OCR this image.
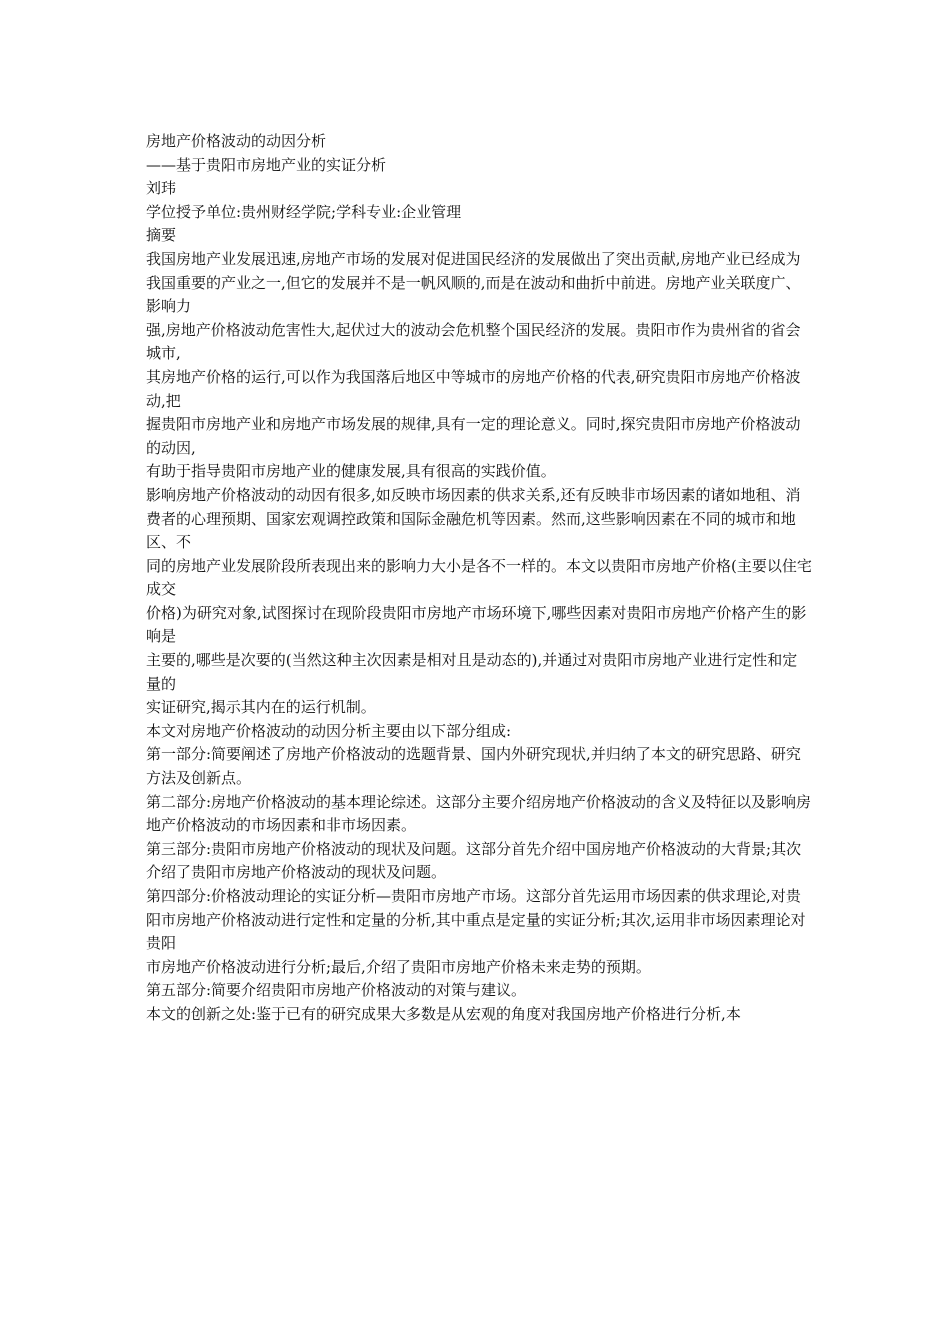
房地产价格波动的动因分析
——基于贵阳市房地产业的实证分析
刘玮
学位授予单位:贵州财经学院;学科专业:企业管理
摘要
我国房地产业发展迅速,房地产市场的发展对促进国民经济的发展做出了突出贡献,房地产业已经成为
我国重要的产业之一,但它的发展并不是一帆风顺的,而是在波动和曲折中前进。房地产业关联度广、影响力
强,房地产价格波动危害性大,起伏过大的波动会危机整个国民经济的发展。贵阳市作为贵州省的省会城市,
其房地产价格的运行,可以作为我国落后地区中等城市的房地产价格的代表,研究贵阳市房地产价格波动,把
握贵阳市房地产业和房地产市场发展的规律,具有一定的理论意义。同时,探究贵阳市房地产价格波动的动因,
有助于指导贵阳市房地产业的健康发展,具有很高的实践价值。
影响房地产价格波动的动因有很多,如反映市场因素的供求关系,还有反映非市场因素的诸如地租、消
费者的心理预期、国家宏观调控政策和国际金融危机等因素。然而,这些影响因素在不同的城市和地区、不
同的房地产业发展阶段所表现出来的影响力大小是各不一样的。本文以贵阳市房地产价格(主要以住宅成交
价格)为研究对象,试图探讨在现阶段贵阳市房地产市场环境下,哪些因素对贵阳市房地产价格产生的影响是
主要的,哪些是次要的(当然这种主次因素是相对且是动态的),并通过对贵阳市房地产业进行定性和定量的
实证研究,揭示其内在的运行机制。
本文对房地产价格波动的动因分析主要由以下部分组成:
第一部分:简要阐述了房地产价格波动的选题背景、国内外研究现状,并归纳了本文的研究思路、研究
方法及创新点。
第二部分:房地产价格波动的基本理论综述。这部分主要介绍房地产价格波动的含义及特征以及影响房
地产价格波动的市场因素和非市场因素。
第三部分:贵阳市房地产价格波动的现状及问题。这部分首先介绍中国房地产价格波动的大背景;其次
介绍了贵阳市房地产价格波动的现状及问题。
第四部分:价格波动理论的实证分析—贵阳市房地产市场。这部分首先运用市场因素的供求理论,对贵
阳市房地产价格波动进行定性和定量的分析,其中重点是定量的实证分析;其次,运用非市场因素理论对贵阳
市房地产价格波动进行分析;最后,介绍了贵阳市房地产价格未来走势的预期。
第五部分:简要介绍贵阳市房地产价格波动的对策与建议。
本文的创新之处:鉴于已有的研究成果大多数是从宏观的角度对我国房地产价格进行分析,本
